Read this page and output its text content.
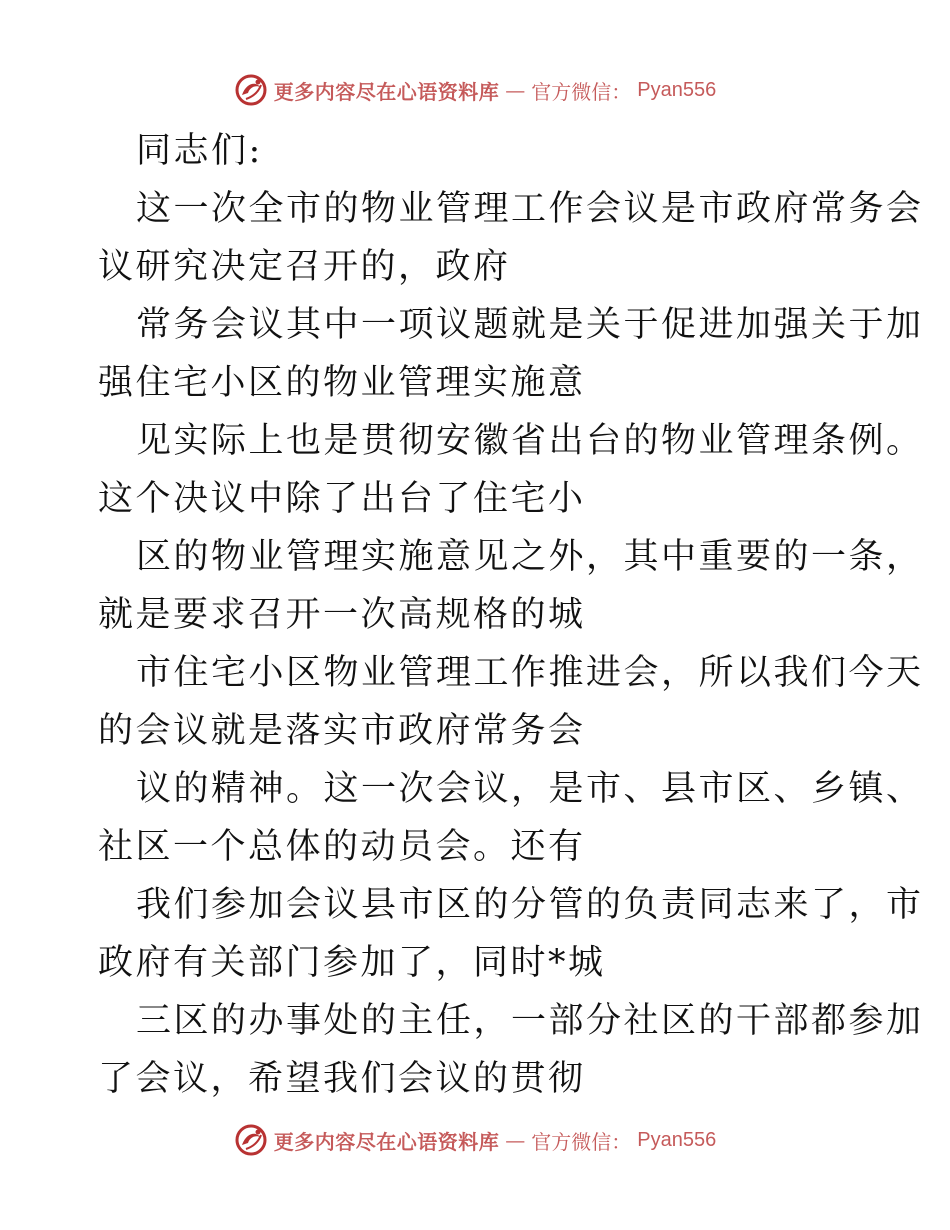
更多内容尽在心语资料库 — 官方微信： Pyan556
同志们:
这一次全市的物业管理工作会议是市政府常务会
议研究决定召开的，政府
常务会议其中一项议题就是关于促进加强关于加
强住宅小区的物业管理实施意
见实际上也是贯彻安徽省出台的物业管理条例。
这个决议中除了出台了住宅小
区的物业管理实施意见之外，其中重要的一条，
就是要求召开一次高规格的城
市住宅小区物业管理工作推进会，所以我们今天
的会议就是落实市政府常务会
议的精神。这一次会议，是市、县市区、乡镇、
社区一个总体的动员会。还有
我们参加会议县市区的分管的负责同志来了，市
政府有关部门参加了，同时*城
三区的办事处的主任，一部分社区的干部都参加
了会议，希望我们会议的贯彻
更多内容尽在心语资料库 — 官方微信： Pyan556
